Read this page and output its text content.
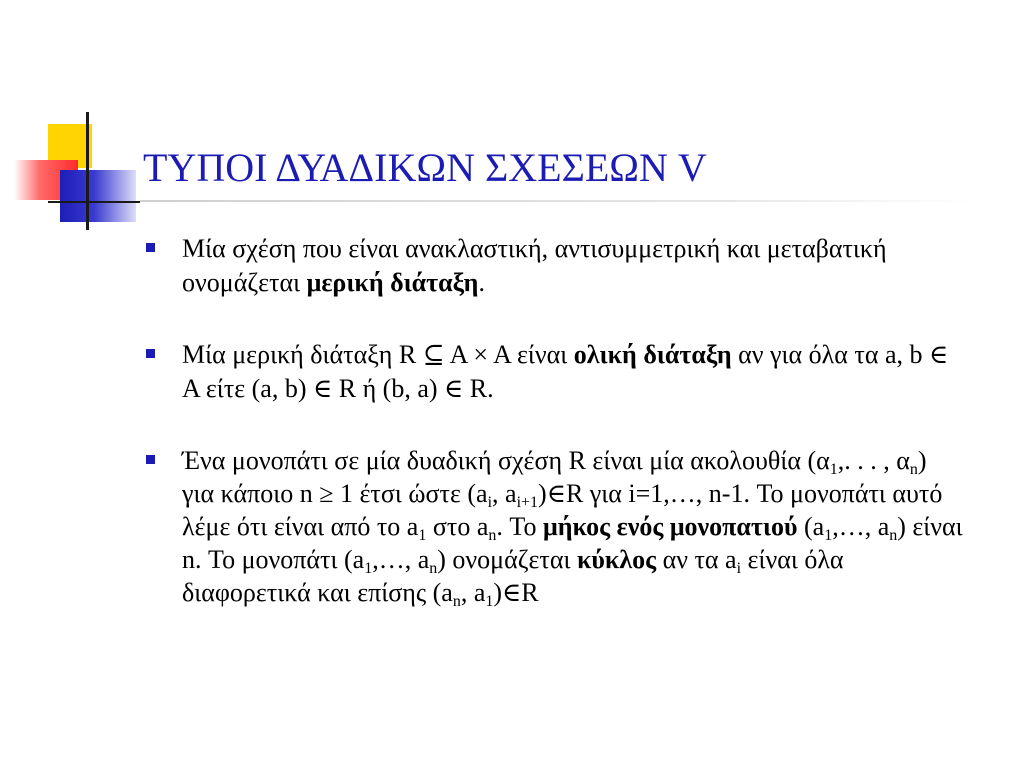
ΤΥΠΟΙ ΔΥΑΔΙΚΩΝ ΣΧΕΣΕΩΝ V
Μία σχέση που είναι ανακλαστική, αντισυμμετρική και μεταβατική ονομάζεται μερική διάταξη.
Μία μερική διάταξη R ⊆ A × A είναι ολική διάταξη αν για όλα τα a, b ∈ A είτε (a, b) ∈ R ή (b, a) ∈ R.
Ένα μονοπάτι σε μία δυαδική σχέση R είναι μία ακολουθία ($\alpha_1$,. . . , $\alpha_n$) για κάποιο n ≥ 1 έτσι ώστε ($a_i$, $a_{i+1})\in R$ για i=1,…, n-1. Το μονοπάτι αυτό λέμε ότι είναι από το $a_1$ στο $a_n$. Το μήκος ενός μονοπατιού ($a_1,\dots$, $a_n$) είναι n. Το μονοπάτι ($a_1,\dots$, $a_n$) ονομάζεται κύκλος αν τα $a_i$ είναι όλα διαφορετικά και επίσης ($a_n$, $a_1)\in R$
